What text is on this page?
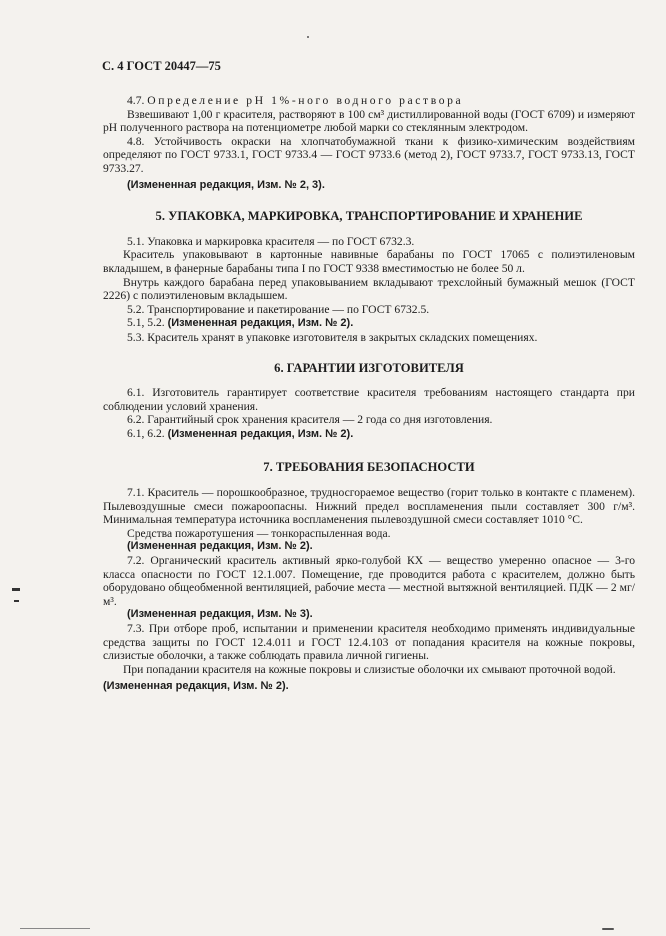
С. 4 ГОСТ 20447—75

4.7. Определение pH 1%-ного водного раствора

Взвешивают 1,00 г красителя, растворяют в 100 см³ дистиллированной воды (ГОСТ 6709) и измеряют pH полученного раствора на потенциометре любой марки со стеклянным электродом.

4.8. Устойчивость окраски на хлопчатобумажной ткани к физико-химическим воздействиям определяют по ГОСТ 9733.1, ГОСТ 9733.4 — ГОСТ 9733.6 (метод 2), ГОСТ 9733.7, ГОСТ 9733.13, ГОСТ 9733.27.

(Измененная редакция, Изм. № 2, 3).

5. УПАКОВКА, МАРКИРОВКА, ТРАНСПОРТИРОВАНИЕ И ХРАНЕНИЕ

5.1. Упаковка и маркировка красителя — по ГОСТ 6732.3.

Краситель упаковывают в картонные навивные барабаны по ГОСТ 17065 с полиэтиленовым вкладышем, в фанерные барабаны типа I по ГОСТ 9338 вместимостью не более 50 л.

Внутрь каждого барабана перед упаковыванием вкладывают трехслойный бумажный мешок (ГОСТ 2226) с полиэтиленовым вкладышем.

5.2. Транспортирование и пакетирование — по ГОСТ 6732.5.

5.1, 5.2. (Измененная редакция, Изм. № 2).

5.3. Краситель хранят в упаковке изготовителя в закрытых складских помещениях.

6. ГАРАНТИИ ИЗГОТОВИТЕЛЯ

6.1. Изготовитель гарантирует соответствие красителя требованиям настоящего стандарта при соблюдении условий хранения.

6.2. Гарантийный срок хранения красителя — 2 года со дня изготовления.

6.1, 6.2. (Измененная редакция, Изм. № 2).

7. ТРЕБОВАНИЯ БЕЗОПАСНОСТИ

7.1. Краситель — порошкообразное, трудносгораемое вещество (горит только в контакте с пламенем). Пылевоздушные смеси пожароопасны. Нижний предел воспламенения пыли составляет 300 г/м³. Минимальная температура источника воспламенения пылевоздушной смеси составляет 1010 °С.

Средства пожаротушения — тонкораспыленная вода.

(Измененная редакция, Изм. № 2).

7.2. Органический краситель активный ярко-голубой КХ — вещество умеренно опасное — 3-го класса опасности по ГОСТ 12.1.007. Помещение, где проводится работа с красителем, должно быть оборудовано общеобменной вентиляцией, рабочие места — местной вытяжной вентиляцией. ПДК — 2 мг/м³.

(Измененная редакция, Изм. № 3).

7.3. При отборе проб, испытании и применении красителя необходимо применять индивидуальные средства защиты по ГОСТ 12.4.011 и ГОСТ 12.4.103 от попадания красителя на кожные покровы, слизистые оболочки, а также соблюдать правила личной гигиены.

При попадании красителя на кожные покровы и слизистые оболочки их смывают проточной водой.

(Измененная редакция, Изм. № 2).
